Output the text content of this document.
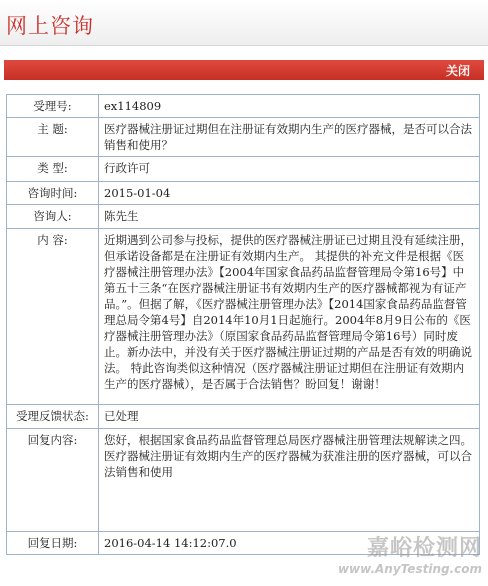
网上咨询
关闭
受理号:	ex114809
主 题:	医疗器械注册证过期但在注册证有效期内生产的医疗器械，是否可以合法销售和使用？
类 型:	行政许可
咨询时间:	2015-01-04
咨询人:	陈先生
内 容:	近期遇到公司参与投标，提供的医疗器械注册证已过期且没有延续注册，但承诺设备都是在注册证有效期内生产。 其提供的补充文件是根据《医疗器械注册管理办法》【2004年国家食品药品监督管理局令第16号】中第五十三条“在医疗器械注册证书有效期内生产的医疗器械都视为有证产品。”。但据了解，《医疗器械注册管理办法》【2014国家食品药品监督管理总局令第4号】自2014年10月1日起施行。2004年8月9日公布的《医疗器械注册管理办法》（原国家食品药品监督管理局令第16号）同时废止。新办法中，并没有关于医疗器械注册证过期的产品是否有效的明确说法。 特此咨询类似这种情况（医疗器械注册证过期但在注册证有效期内生产的医疗器械），是否属于合法销售？盼回复！谢谢！
受理反馈状态:	已处理
回复内容:	您好，根据国家食品药品监督管理总局医疗器械注册管理法规解读之四。医疗器械注册证有效期内生产的医疗器械为获准注册的医疗器械，可以合法销售和使用
回复日期:	2016-04-14 14:12:07.0	嘉峪检测网
www.AnyTesting.com
